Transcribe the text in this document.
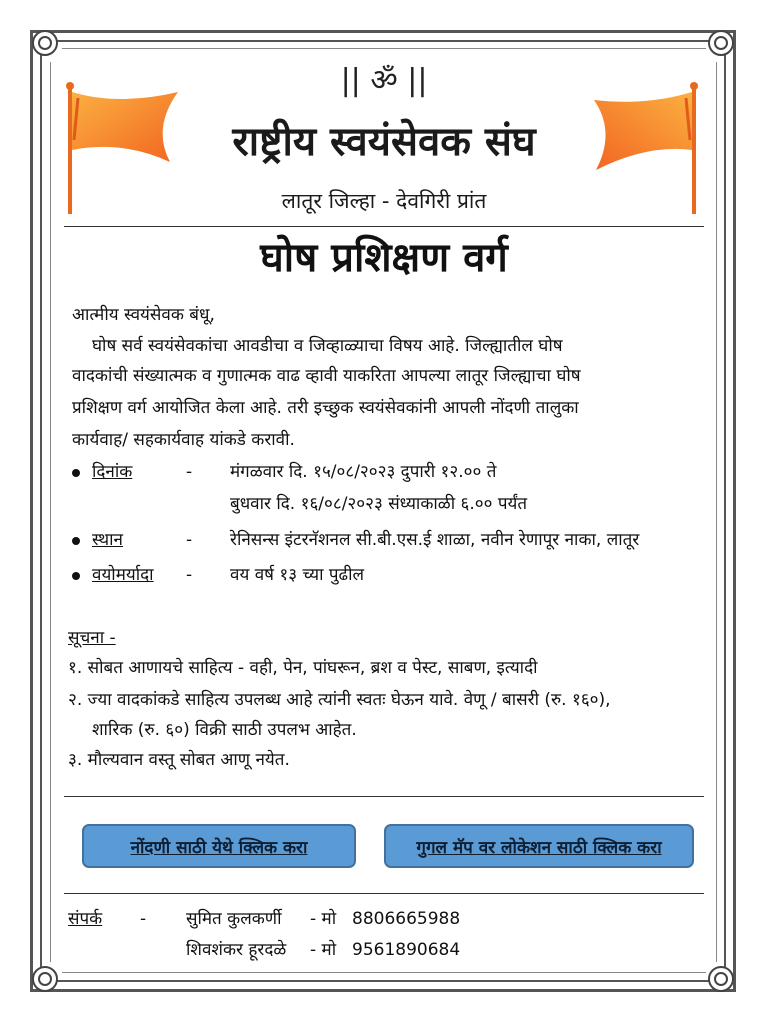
|| ॐ ||
राष्ट्रीय स्वयंसेवक संघ
लातूर जिल्हा - देवगिरी प्रांत
घोष प्रशिक्षण वर्ग
आत्मीय स्वयंसेवक बंधू,
घोष सर्व स्वयंसेवकांचा आवडीचा व जिव्हाळ्याचा विषय आहे. जिल्ह्यातील घोष
वादकांची संख्यात्मक व गुणात्मक वाढ व्हावी याकरिता आपल्या लातूर जिल्ह्याचा घोष
प्रशिक्षण वर्ग आयोजित केला आहे. तरी इच्छुक स्वयंसेवकांनी आपली नोंदणी तालुका
कार्यवाह/ सहकार्यवाह यांकडे करावी.
दिनांक	- मंगळवार दि. १५/०८/२०२३ दुपारी १२.०० ते
बुधवार दि. १६/०८/२०२३ संध्याकाळी ६.०० पर्यंत
स्थान	- रेनिसन्स इंटरनॅशनल सी.बी.एस.ई शाळा, नवीन रेणापूर नाका, लातूर
वयोमर्यादा - वय वर्ष १३ च्या पुढील
सूचना -
१. सोबत आणायचे साहित्य - वही, पेन, पांघरून, ब्रश व पेस्ट, साबण, इत्यादी
२. ज्या वादकांकडे साहित्य उपलब्ध आहे त्यांनी स्वतः घेऊन यावे. वेणू / बासरी (रु. १६०),
शारिक (रु. ६०) विक्री साठी उपलभ आहेत.
३. मौल्यवान वस्तू सोबत आणू नयेत.
नोंदणी साठी येथे क्लिक करा	गुगल मॅप वर लोकेशन साठी क्लिक करा
संपर्क - सुमित कुलकर्णी - मो 8806665988
शिवशंकर हूरदळे - मो 9561890684
